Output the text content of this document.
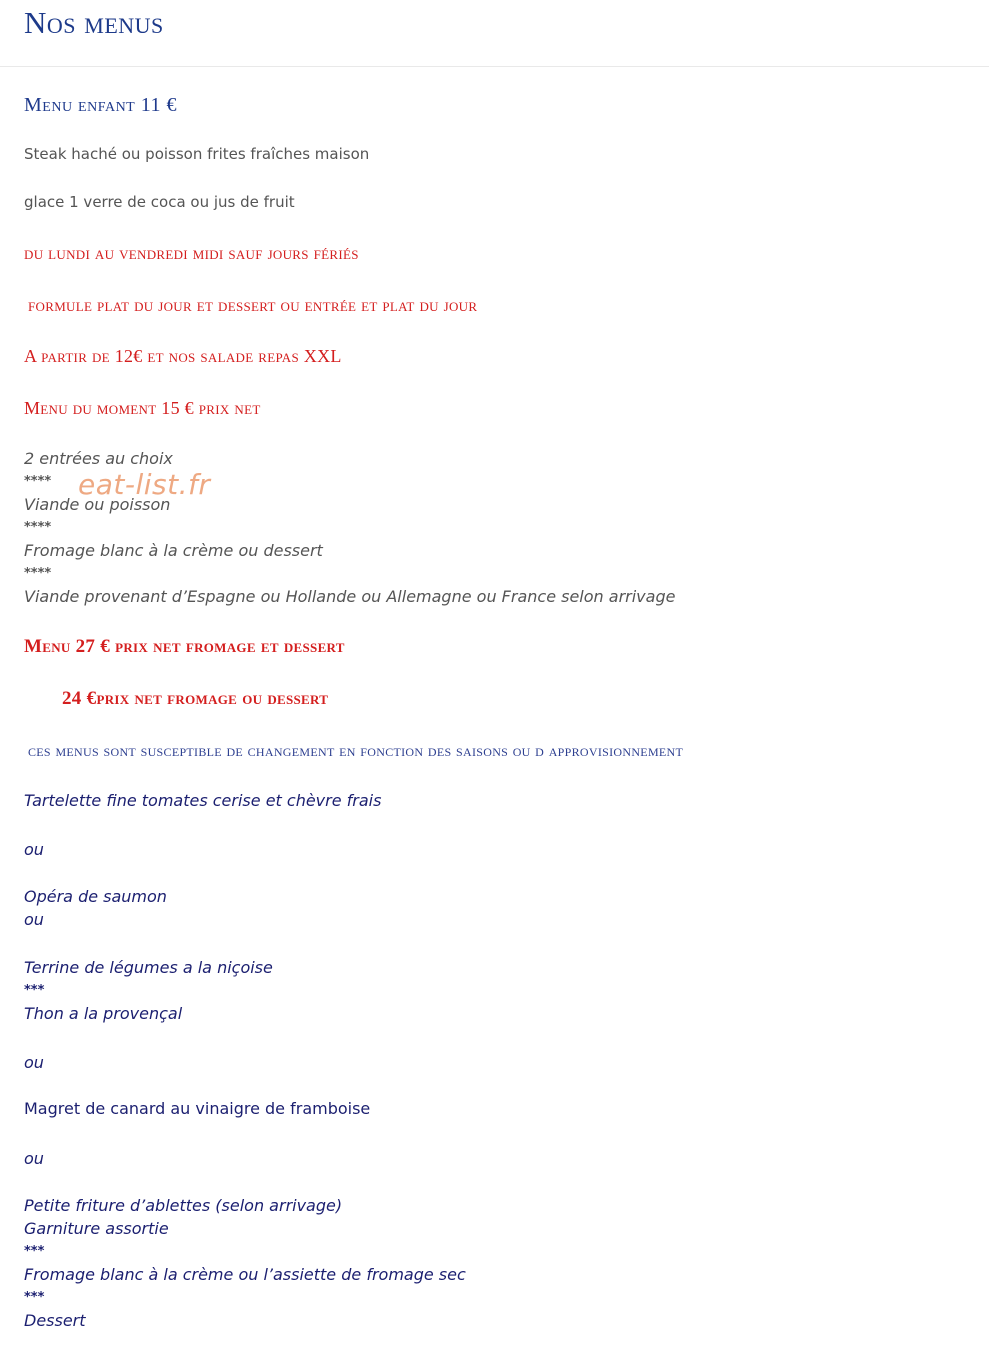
Nos menus

Menu enfant 11 €

Steak haché ou poisson frites fraîches maison

glace 1 verre de coca ou jus de fruit

du lundi au vendredi midi sauf jours fériés

formule plat du jour et dessert ou entrée et plat du jour

A partir de 12€ et nos salade repas XXL

Menu du moment 15 € prix net

2 entrées au choix
****
Viande ou poisson
****
Fromage blanc à la crème ou dessert
****
Viande provenant d’Espagne ou Hollande ou Allemagne ou France selon arrivage
eat-list.fr

Menu 27 € prix net fromage et dessert

24 €prix net fromage ou dessert

ces menus sont susceptible de changement en fonction des saisons ou d approvisionnement

Tartelette fine tomates cerise et chèvre frais

ou

Opéra de saumon
ou
Terrine de légumes a la niçoise
***
Thon a la provençal

ou

Magret de canard au vinaigre de framboise

ou

Petite friture d’ablettes (selon arrivage)
Garniture assortie
***
Fromage blanc à la crème ou l’assiette de fromage sec
***
Dessert
